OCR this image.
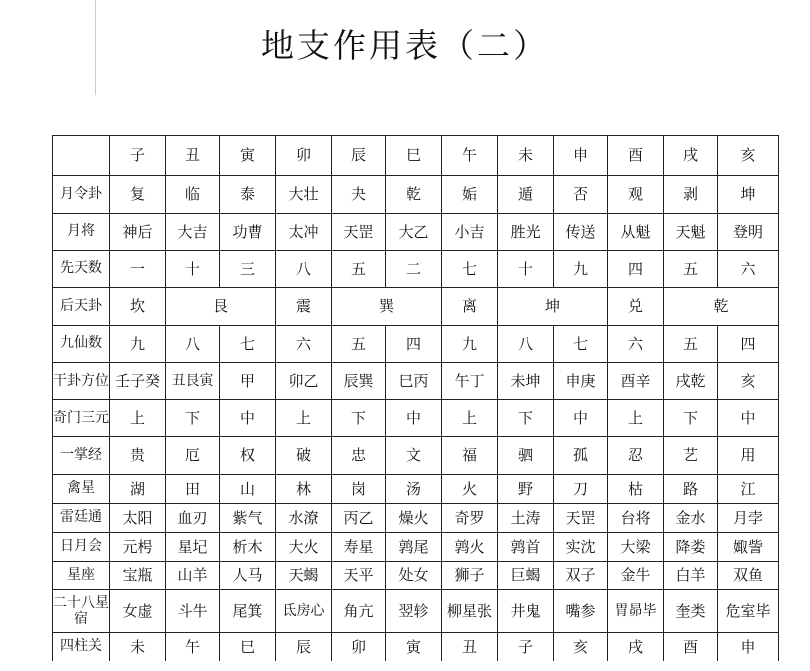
地支作用表（二）
	子	丑	寅	卯	辰	巳	午	未	申	酉	戌	亥
月令卦	复	临	泰	大壮	夬	乾	姤	遁	否	观	剥	坤
月将	神后	大吉	功曹	太冲	天罡	大乙	小吉	胜光	传送	从魁	天魁	登明
先天数	一	十	三	八	五	二	七	十	九	四	五	六
后天卦	坎	艮		震	巽		离	坤		兑	乾	
九仙数	九	八	七	六	五	四	九	八	七	六	五	四
干卦方位	壬子癸	丑艮寅	甲	卯乙	辰巽	巳丙	午丁	未坤	申庚	酉辛	戌乾	亥
奇门三元	上	下	中	上	下	中	上	下	中	上	下	中
一掌经	贵	厄	权	破	忠	文	福	驷	孤	忍	艺	用
禽星	湖	田	山	林	岗	汤	火	野	刀	枯	路	江
雷廷通	太阳	血刃	紫气	水潦	丙乙	燥火	奇罗	土涛	天罡	台将	金水	月孛
日月会	元枵	星圮	析木	大火	寿星	鹑尾	鹑火	鹑首	实沈	大梁	降娄	娵訾
星座	宝瓶	山羊	人马	天蝎	天平	处女	狮子	巨蝎	双子	金牛	白羊	双鱼
二十八星宿	女虚	斗牛	尾箕	氐房心	角亢	翌轸	柳星张	井鬼	嘴参	胃昴毕	奎类	危室毕
四柱关	未	午	巳	辰	卯	寅	丑	子	亥	戌	酉	申
